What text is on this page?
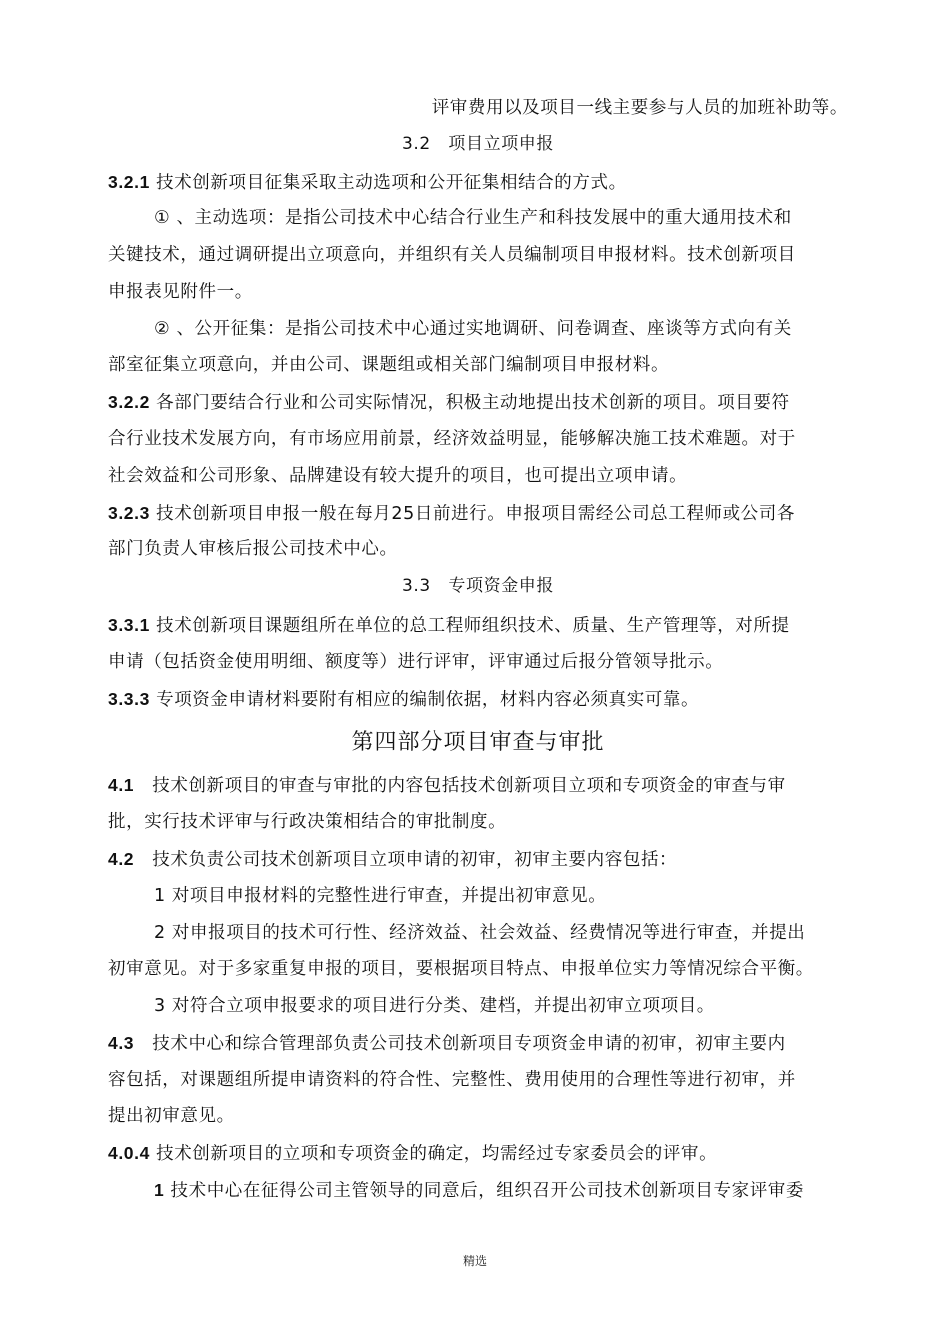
评审费用以及项目一线主要参与人员的加班补助等。
3.2　项目立项申报
3.2.1 技术创新项目征集采取主动选项和公开征集相结合的方式。
① 、主动选项：是指公司技术中心结合行业生产和科技发展中的重大通用技术和
关键技术，通过调研提出立项意向，并组织有关人员编制项目申报材料。技术创新项目
申报表见附件一。
② 、公开征集：是指公司技术中心通过实地调研、问卷调查、座谈等方式向有关
部室征集立项意向，并由公司、课题组或相关部门编制项目申报材料。
3.2.2 各部门要结合行业和公司实际情况，积极主动地提出技术创新的项目。项目要符
合行业技术发展方向，有市场应用前景，经济效益明显，能够解决施工技术难题。对于
社会效益和公司形象、品牌建设有较大提升的项目，也可提出立项申请。
3.2.3 技术创新项目申报一般在每月25日前进行。申报项目需经公司总工程师或公司各
部门负责人审核后报公司技术中心。
3.3　专项资金申报
3.3.1 技术创新项目课题组所在单位的总工程师组织技术、质量、生产管理等，对所提
申请（包括资金使用明细、额度等）进行评审，评审通过后报分管领导批示。
3.3.3 专项资金申请材料要附有相应的编制依据，材料内容必须真实可靠。
第四部分项目审查与审批
4.1　技术创新项目的审查与审批的内容包括技术创新项目立项和专项资金的审查与审
批，实行技术评审与行政决策相结合的审批制度。
4.2　技术负责公司技术创新项目立项申请的初审，初审主要内容包括：
1 对项目申报材料的完整性进行审查，并提出初审意见。
2 对申报项目的技术可行性、经济效益、社会效益、经费情况等进行审查，并提出
初审意见。对于多家重复申报的项目，要根据项目特点、申报单位实力等情况综合平衡。
3 对符合立项申报要求的项目进行分类、建档，并提出初审立项项目。
4.3　技术中心和综合管理部负责公司技术创新项目专项资金申请的初审，初审主要内
容包括，对课题组所提申请资料的符合性、完整性、费用使用的合理性等进行初审，并
提出初审意见。
4.0.4 技术创新项目的立项和专项资金的确定，均需经过专家委员会的评审。
1 技术中心在征得公司主管领导的同意后，组织召开公司技术创新项目专家评审委
精选
